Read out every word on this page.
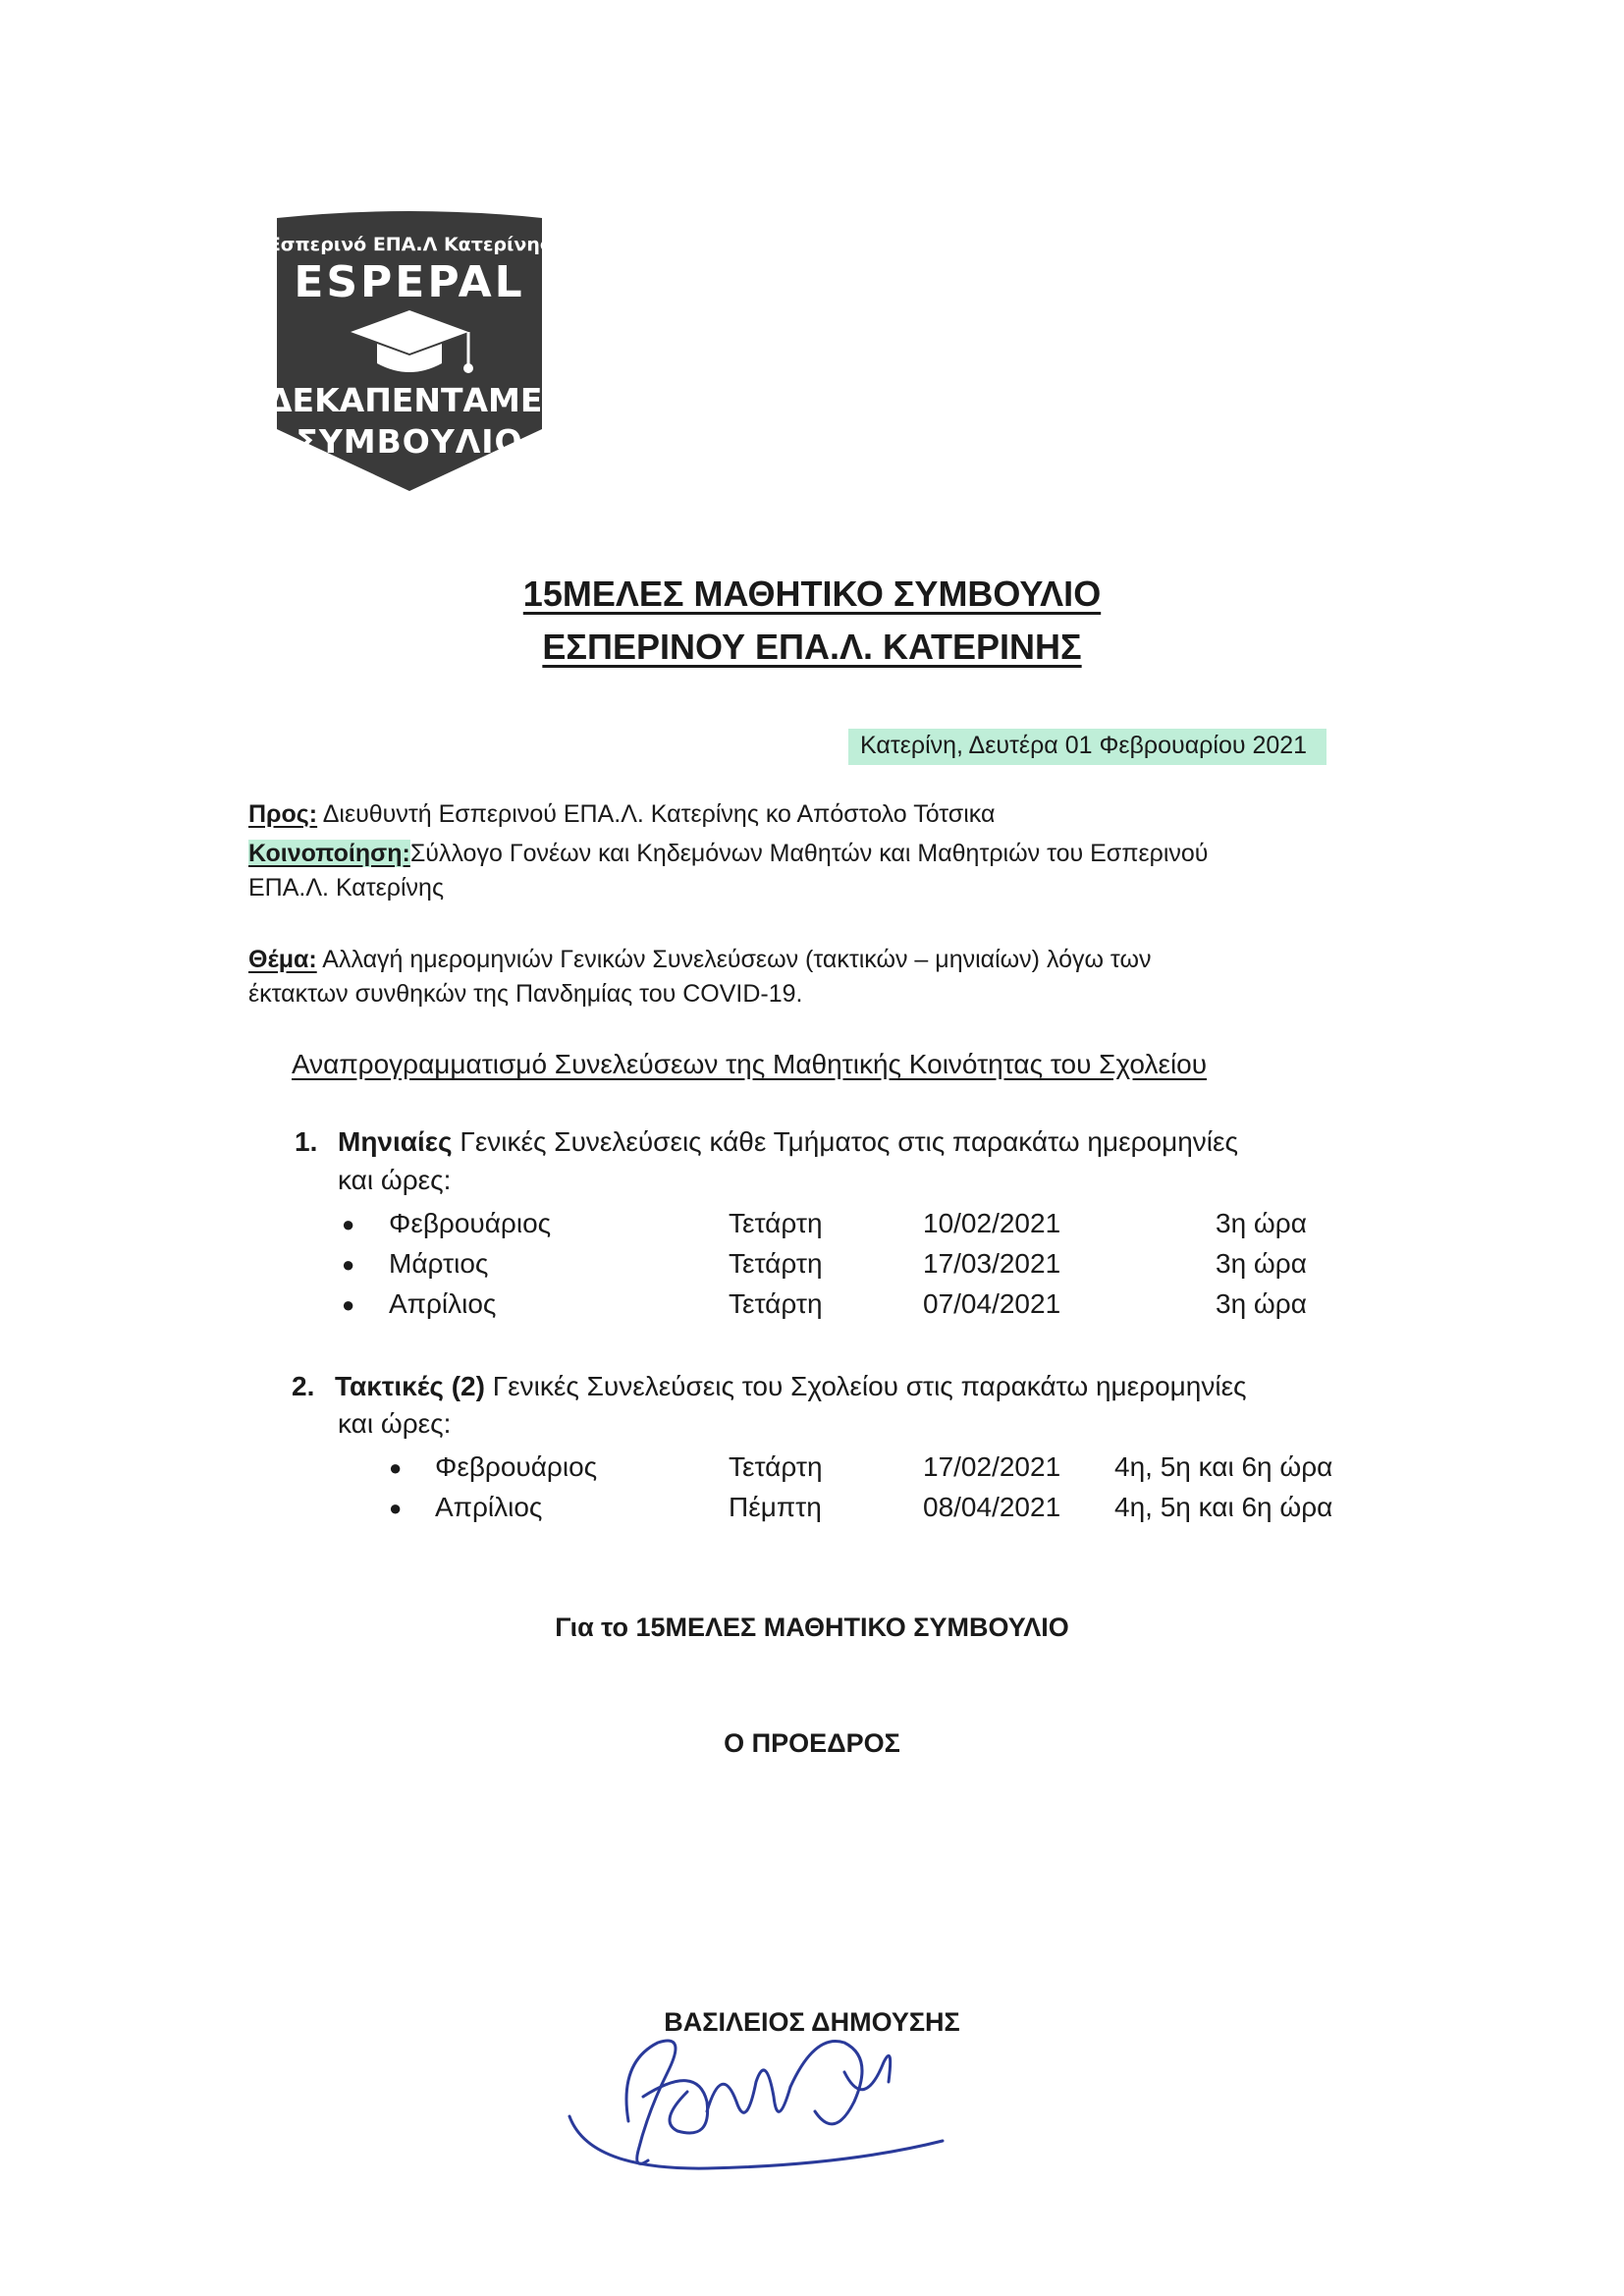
Εσπερινό ΕΠΑ.Λ Κατερίνης
ESPEPAL
ΔΕΚΑΠΕΝΤΑΜΕΛΕΣ
ΣΥΜΒΟΥΛΙΟ
15ΜΕΛΕΣ ΜΑΘΗΤΙΚΟ ΣΥΜΒΟΥΛΙΟ
ΕΣΠΕΡΙΝΟΥ ΕΠΑ.Λ. ΚΑΤΕΡΙΝΗΣ
Κατερίνη, Δευτέρα 01 Φεβρουαρίου 2021
Προς: Διευθυντή Εσπερινού ΕΠΑ.Λ. Κατερίνης κο Απόστολο Τότσικα
Κοινοποίηση:Σύλλογο Γονέων και Κηδεμόνων Μαθητών και Μαθητριών του Εσπερινού
ΕΠΑ.Λ. Κατερίνης
Θέμα: Αλλαγή ημερομηνιών Γενικών Συνελεύσεων (τακτικών – μηνιαίων) λόγω των
έκτακτων συνθηκών της Πανδημίας του COVID-19.
Αναπρογραμματισμό Συνελεύσεων της Μαθητικής Κοινότητας του Σχολείου
1. Μηνιαίες Γενικές Συνελεύσεις κάθε Τμήματος στις παρακάτω ημερομηνίες
και ώρες:
● Φεβρουάριος	Τετάρτη	10/02/2021	3η ώρα
● Μάρτιος	Τετάρτη	17/03/2021	3η ώρα
● Απρίλιος	Τετάρτη	07/04/2021	3η ώρα
2. Τακτικές (2) Γενικές Συνελεύσεις του Σχολείου στις παρακάτω ημερομηνίες
και ώρες:
● Φεβρουάριος	Τετάρτη	17/02/2021 4η, 5η και 6η ώρα
● Απρίλιος	Πέμπτη	08/04/2021 4η, 5η και 6η ώρα
Για το 15ΜΕΛΕΣ ΜΑΘΗΤΙΚΟ ΣΥΜΒΟΥΛΙΟ
Ο ΠΡΟΕΔΡΟΣ
ΒΑΣΙΛΕΙΟΣ ΔΗΜΟΥΣΗΣ
